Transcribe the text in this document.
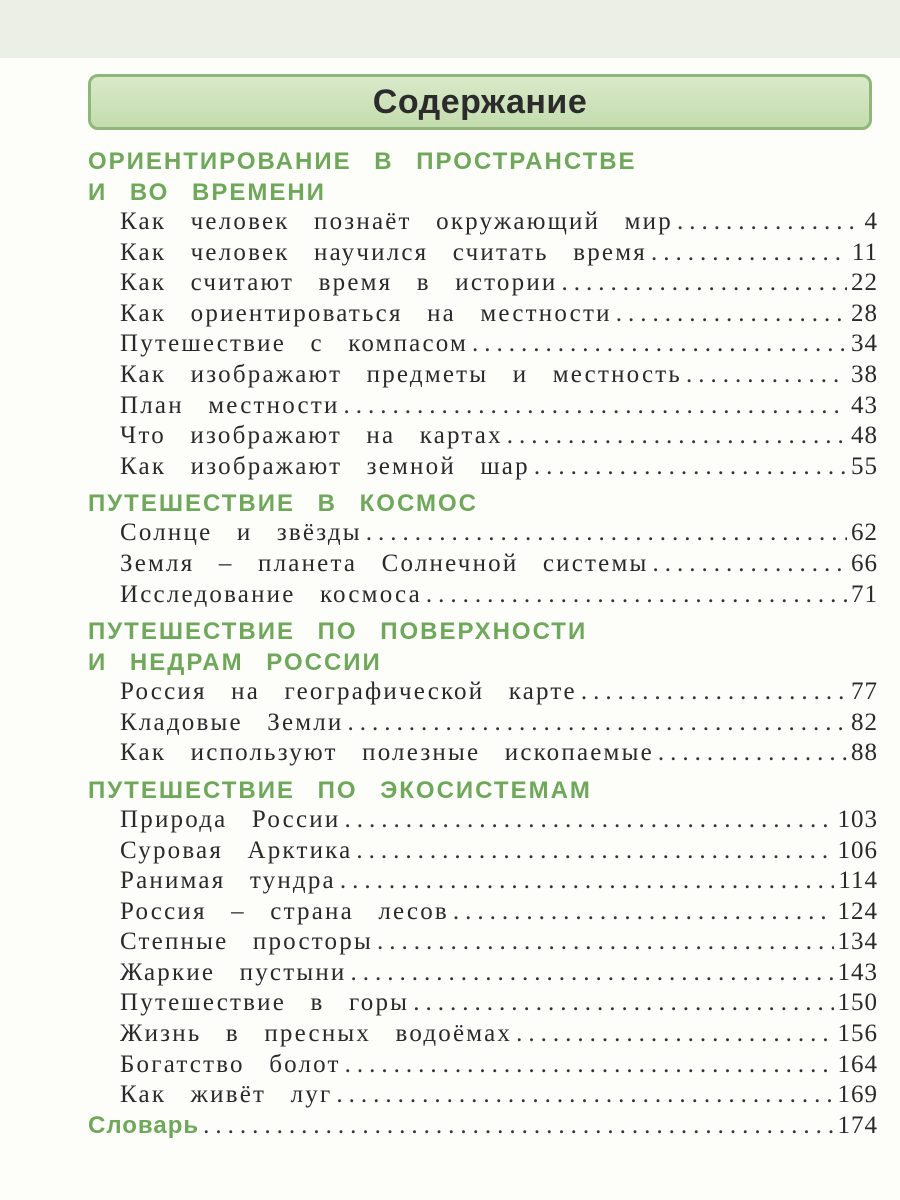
Содержание
ОРИЕНТИРОВАНИЕ В ПРОСТРАНСТВЕ
И ВО ВРЕМЕНИ
Как человек познаёт окружающий мир .....	4
Как человек научился считать время .....	11
Как считают время в истории .....	22
Как ориентироваться на местности .....	28
Путешествие с компасом .....	34
Как изображают предметы и местность .....	38
План местности .....	43
Что изображают на картах .....	48
Как изображают земной шар .....	55
ПУТЕШЕСТВИЕ В КОСМОС
Солнце и звёзды .....	62
Земля – планета Солнечной системы .....	66
Исследование космоса .....	71
ПУТЕШЕСТВИЕ ПО ПОВЕРХНОСТИ
И НЕДРАМ РОССИИ
Россия на географической карте .....	77
Кладовые Земли .....	82
Как используют полезные ископаемые .....	88
ПУТЕШЕСТВИЕ ПО ЭКОСИСТЕМАМ
Природа России .....	103
Суровая Арктика .....	106
Ранимая тундра .....	114
Россия – страна лесов .....	124
Степные просторы .....	134
Жаркие пустыни .....	143
Путешествие в горы .....	150
Жизнь в пресных водоёмах .....	156
Богатство болот .....	164
Как живёт луг .....	169
Словарь .....	174
